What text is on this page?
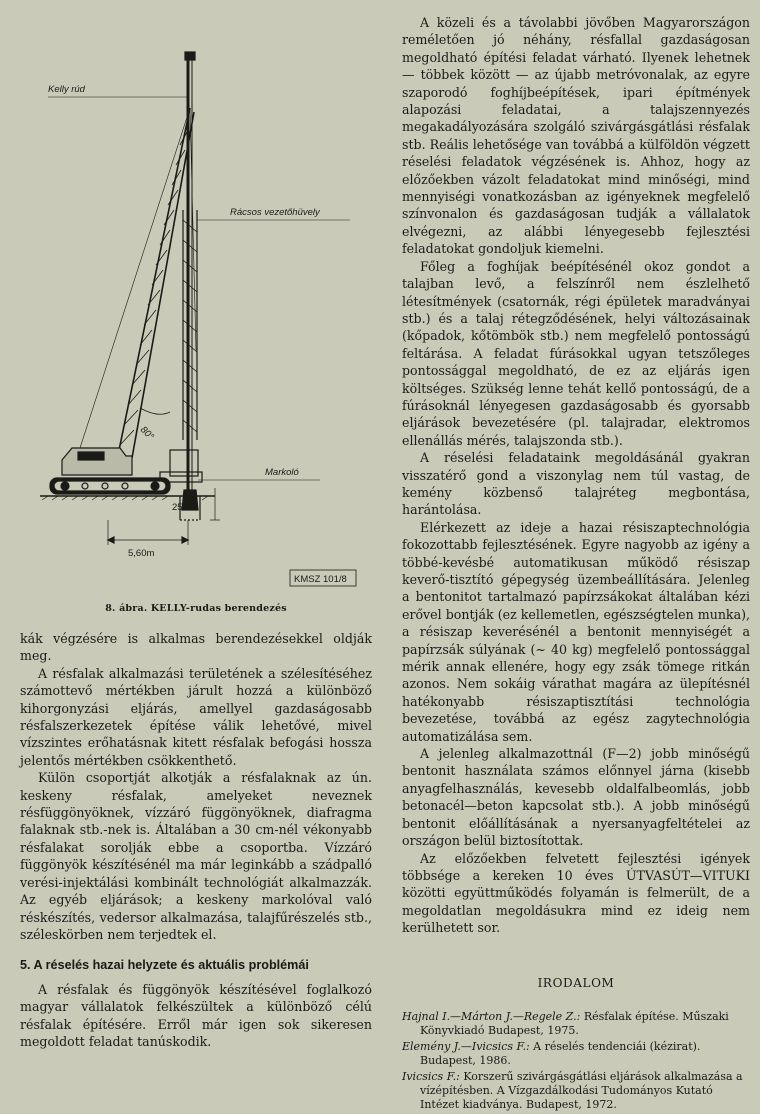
Kelly rúd
Rácsos vezetőhüvely
Markoló
80°
25m
5,60m
KMSZ 101/8
8. ábra. KELLY-rudas berendezés

kák végzésére is alkalmas berendezésekkel oldják meg.

A résfalak alkalmazási területének a szélesítéséhez számottevő mértékben járult hozzá a különböző kihorgonyzási eljárás, amellyel gazdaságosabb résfalszerkezetek építése válik lehetővé, mivel vízszintes erőhatásnak kitett résfalak befogási hossza jelentős mértékben csökkenthető.

Külön csoportját alkotják a résfalaknak az ún. keskeny résfalak, amelyeket neveznek résfüggönyöknek, vízzáró függönyöknek, diafragma falaknak stb.-nek is. Általában a 30 cm-nél vékonyabb résfalakat sorolják ebbe a csoportba. Vízzáró függönyök készítésénél ma már leginkább a szádpalló verési-injektálási kombinált technológiát alkalmazzák. Az egyéb eljárások; a keskeny markolóval való réskészítés, vedersor alkalmazása, talajfűrészelés stb., széleskörben nem terjedtek el.

5. A réselés hazai helyzete és aktuális problémái

A résfalak és függönyök készítésével foglalkozó magyar vállalatok felkészültek a különböző célú résfalak építésére. Erről már igen sok sikeresen megoldott feladat tanúskodik.

A közeli és a távolabbi jövőben Magyarországon reméletően jó néhány, résfallal gazdaságosan megoldható építési feladat várható. Ilyenek lehetnek — többek között — az újabb metróvonalak, az egyre szaporodó foghíjbeépítések, ipari építmények alapozási feladatai, a talajszennyezés megakadályozására szolgáló szivárgásgátlási résfalak stb. Reális lehetősége van továbbá a külföldön végzett réselési feladatok végzésének is. Ahhoz, hogy az előzőekben vázolt feladatokat mind minőségi, mind mennyiségi vonatkozásban az igényeknek megfelelő színvonalon és gazdaságosan tudják a vállalatok elvégezni, az alábbi lényegesebb fejlesztési feladatokat gondoljuk kiemelni.

Főleg a foghíjak beépítésénél okoz gondot a talajban levő, a felszínről nem észlelhető létesítmények (csatornák, régi épületek maradványai stb.) és a talaj rétegződésének, helyi változásainak (kőpadok, kőtömbök stb.) nem megfelelő pontosságú feltárása. A feladat fúrásokkal ugyan tetszőleges pontossággal megoldható, de ez az eljárás igen költséges. Szükség lenne tehát kellő pontosságú, de a fúrásoknál lényegesen gazdaságosabb és gyorsabb eljárások bevezetésére (pl. talajradar, elektromos ellenállás mérés, talajszonda stb.).

A réselési feladataink megoldásánál gyakran visszatérő gond a viszonylag nem túl vastag, de kemény közbenső talajréteg megbontása, harántolása.

Elérkezett az ideje a hazai résiszaptechnológia fokozottabb fejlesztésének. Egyre nagyobb az igény a többé-kevésbé automatikusan működő résiszap keverő-tisztító gépegység üzembeállítására. Jelenleg a bentonitot tartalmazó papírzsákokat általában kézi erővel bontják (ez kellemetlen, egészségtelen munka), a résiszap keverésénél a bentonit mennyiségét a papírzsák súlyának (~ 40 kg) megfelelő pontossággal mérik annak ellenére, hogy egy zsák tömege ritkán azonos. Nem sokáig várathat magára az ülepítésnél hatékonyabb résiszaptisztítási technológia bevezetése, továbbá az egész zagytechnológia automatizálása sem.

A jelenleg alkalmazottnál (F—2) jobb minőségű bentonit használata számos előnnyel járna (kisebb anyagfelhasználás, kevesebb oldalfalbeomlás, jobb betonacél—beton kapcsolat stb.). A jobb minőségű bentonit előállításának a nyersanyagfeltételei az országon belül biztosítottak.

Az előzőekben felvetett fejlesztési igények többsége a kereken 10 éves ÚTVASÚT—VITUKI közötti együttműködés folyamán is felmerült, de a megoldatlan megoldásukra mind ez ideig nem kerülhetett sor.

IRODALOM

Hajnal I.—Márton J.—Regele Z.: Résfalak építése. Műszaki Könyvkiadó Budapest, 1975.

Elemény J.—Ivicsics F.: A réselés tendenciái (kézirat). Budapest, 1986.

Ivicsics F.: Korszerű szivárgásgátlási eljárások alkalmazása a vízépítésben. A Vízgazdálkodási Tudományos Kutató Intézet kiadványa. Budapest, 1972.
